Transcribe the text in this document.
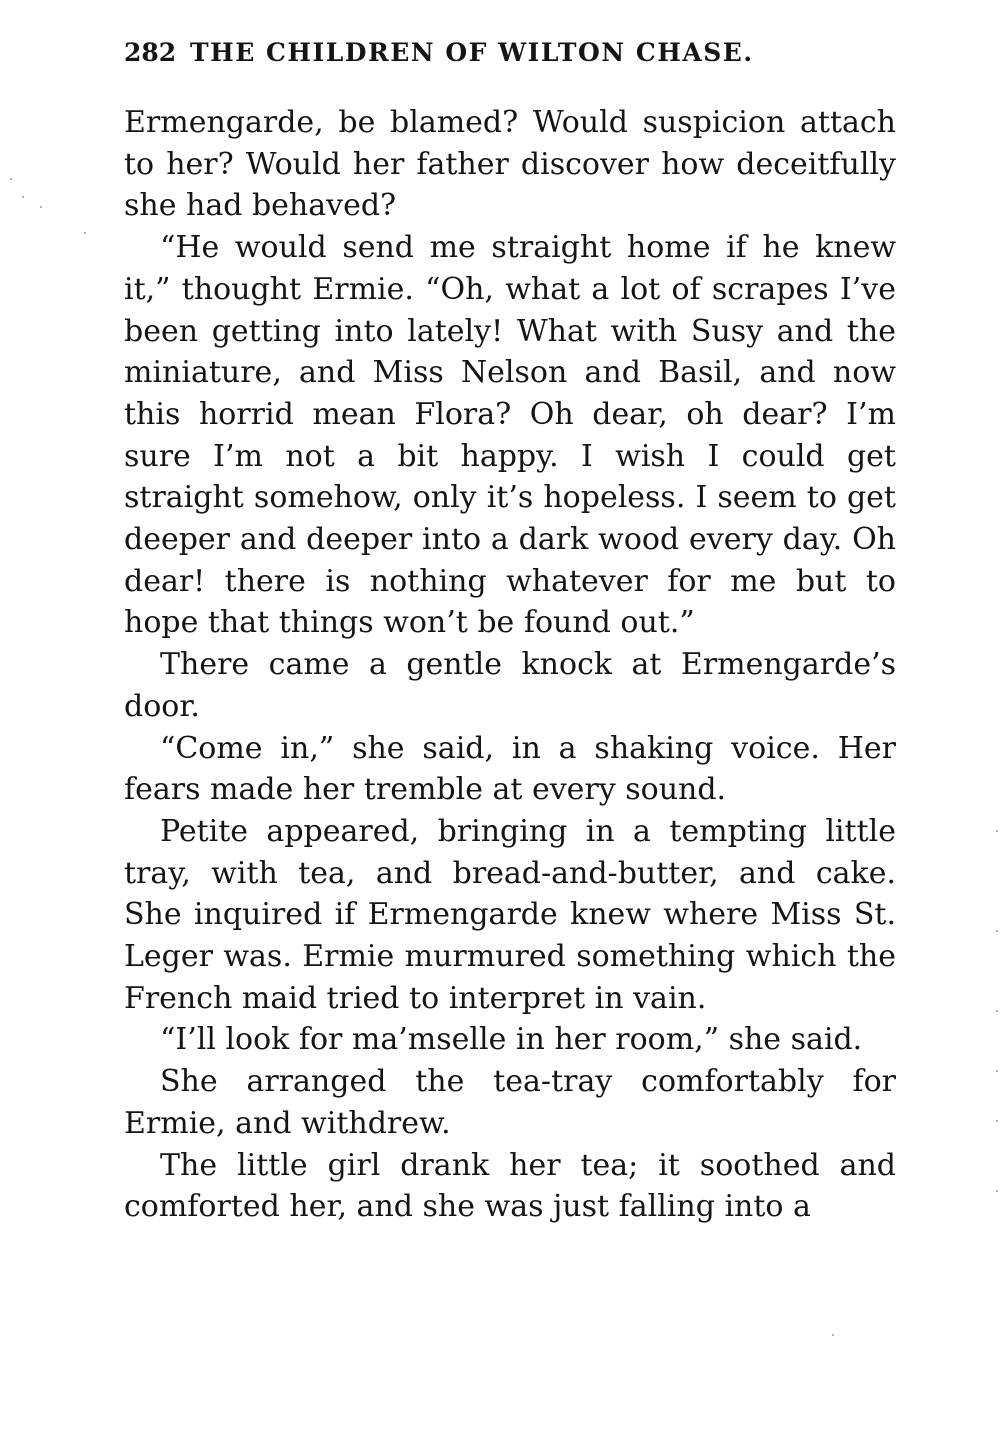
282 THE CHILDREN OF WILTON CHASE.

Ermengarde, be blamed? Would suspicion attach to her? Would her father discover how deceitfully she had behaved?

“He would send me straight home if he knew it,” thought Ermie. “Oh, what a lot of scrapes I’ve been getting into lately! What with Susy and the miniature, and Miss Nelson and Basil, and now this horrid mean Flora? Oh dear, oh dear? I’m sure I’m not a bit happy. I wish I could get straight somehow, only it’s hopeless. I seem to get deeper and deeper into a dark wood every day. Oh dear! there is nothing whatever for me but to hope that things won’t be found out.”

There came a gentle knock at Ermengarde’s door.

“Come in,” she said, in a shaking voice. Her fears made her tremble at every sound.

Petite appeared, bringing in a tempting little tray, with tea, and bread-and-butter, and cake. She inquired if Ermengarde knew where Miss St. Leger was. Ermie murmured something which the French maid tried to interpret in vain.

“I’ll look for ma’mselle in her room,” she said.

She arranged the tea-tray comfortably for Ermie, and withdrew.

The little girl drank her tea; it soothed and comforted her, and she was just falling into a
